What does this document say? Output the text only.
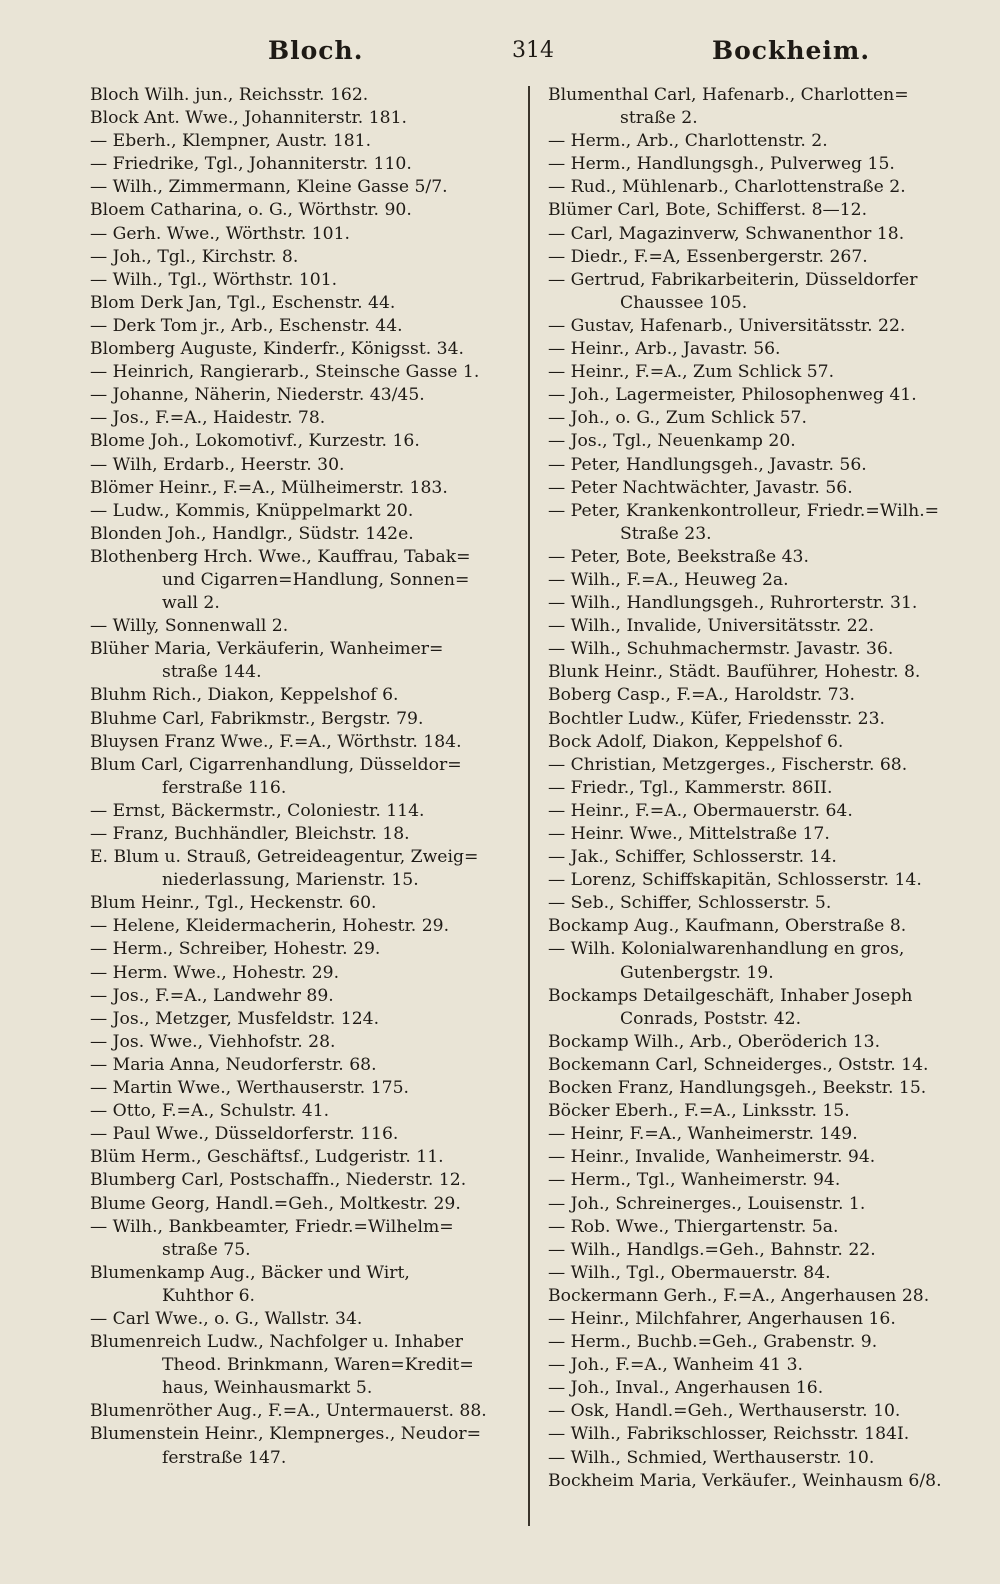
Bloch.	314	Bockheim.
Bloch Wilh. jun., Reichsstr. 162.
Block Ant. Wwe., Johanniterstr. 181.
— Eberh., Klempner, Austr. 181.
— Friedrike, Tgl., Johanniterstr. 110.
— Wilh., Zimmermann, Kleine Gasse 5/7.
Bloem Catharina, o. G., Wörthstr. 90.
— Gerh. Wwe., Wörthstr. 101.
— Joh., Tgl., Kirchstr. 8.
— Wilh., Tgl., Wörthstr. 101.
Blom Derk Jan, Tgl., Eschenstr. 44.
— Derk Tom jr., Arb., Eschenstr. 44.
Blomberg Auguste, Kinderfr., Königsst. 34.
— Heinrich, Rangierarb., Steinsche Gasse 1.
— Johanne, Näherin, Niederstr. 43/45.
— Jos., F.=A., Haidestr. 78.
Blome Joh., Lokomotivf., Kurzestr. 16.
— Wilh, Erdarb., Heerstr. 30.
Blömer Heinr., F.=A., Mülheimerstr. 183.
— Ludw., Kommis, Knüppelmarkt 20.
Blonden Joh., Handlgr., Südstr. 142e.
Blothenberg Hrch. Wwe., Kauffrau, Tabak=
und Cigarren=Handlung, Sonnen=
wall 2.
— Willy, Sonnenwall 2.
Blüher Maria, Verkäuferin, Wanheimer=
straße 144.
Bluhm Rich., Diakon, Keppelshof 6.
Bluhme Carl, Fabrikmstr., Bergstr. 79.
Bluysen Franz Wwe., F.=A., Wörthstr. 184.
Blum Carl, Cigarrenhandlung, Düsseldor=
ferstraße 116.
— Ernst, Bäckermstr., Coloniestr. 114.
— Franz, Buchhändler, Bleichstr. 18.
E. Blum u. Strauß, Getreideagentur, Zweig=
niederlassung, Marienstr. 15.
Blum Heinr., Tgl., Heckenstr. 60.
— Helene, Kleidermacherin, Hohestr. 29.
— Herm., Schreiber, Hohestr. 29.
— Herm. Wwe., Hohestr. 29.
— Jos., F.=A., Landwehr 89.
— Jos., Metzger, Musfeldstr. 124.
— Jos. Wwe., Viehhofstr. 28.
— Maria Anna, Neudorferstr. 68.
— Martin Wwe., Werthauserstr. 175.
— Otto, F.=A., Schulstr. 41.
— Paul Wwe., Düsseldorferstr. 116.
Blüm Herm., Geschäftsf., Ludgeristr. 11.
Blumberg Carl, Postschaffn., Niederstr. 12.
Blume Georg, Handl.=Geh., Moltkestr. 29.
— Wilh., Bankbeamter, Friedr.=Wilhelm=
straße 75.
Blumenkamp Aug., Bäcker und Wirt,
Kuhthor 6.
— Carl Wwe., o. G., Wallstr. 34.
Blumenreich Ludw., Nachfolger u. Inhaber
Theod. Brinkmann, Waren=Kredit=
haus, Weinhausmarkt 5.
Blumenröther Aug., F.=A., Untermauerst. 88.
Blumenstein Heinr., Klempnerges., Neudor=
ferstraße 147.
Blumenthal Carl, Hafenarb., Charlotten=
straße 2.
— Herm., Arb., Charlottenstr. 2.
— Herm., Handlungsgh., Pulverweg 15.
— Rud., Mühlenarb., Charlottenstraße 2.
Blümer Carl, Bote, Schifferst. 8—12.
— Carl, Magazinverw, Schwanenthor 18.
— Diedr., F.=A, Essenbergerstr. 267.
— Gertrud, Fabrikarbeiterin, Düsseldorfer
Chaussee 105.
— Gustav, Hafenarb., Universitätsstr. 22.
— Heinr., Arb., Javastr. 56.
— Heinr., F.=A., Zum Schlick 57.
— Joh., Lagermeister, Philosophenweg 41.
— Joh., o. G., Zum Schlick 57.
— Jos., Tgl., Neuenkamp 20.
— Peter, Handlungsgeh., Javastr. 56.
— Peter Nachtwächter, Javastr. 56.
— Peter, Krankenkontrolleur, Friedr.=Wilh.=
Straße 23.
— Peter, Bote, Beekstraße 43.
— Wilh., F.=A., Heuweg 2a.
— Wilh., Handlungsgeh., Ruhrorterstr. 31.
— Wilh., Invalide, Universitätsstr. 22.
— Wilh., Schuhmachermstr. Javastr. 36.
Blunk Heinr., Städt. Bauführer, Hohestr. 8.
Boberg Casp., F.=A., Haroldstr. 73.
Bochtler Ludw., Küfer, Friedensstr. 23.
Bock Adolf, Diakon, Keppelshof 6.
— Christian, Metzgerges., Fischerstr. 68.
— Friedr., Tgl., Kammerstr. 86II.
— Heinr., F.=A., Obermauerstr. 64.
— Heinr. Wwe., Mittelstraße 17.
— Jak., Schiffer, Schlosserstr. 14.
— Lorenz, Schiffskapitän, Schlosserstr. 14.
— Seb., Schiffer, Schlosserstr. 5.
Bockamp Aug., Kaufmann, Oberstraße 8.
— Wilh. Kolonialwarenhandlung en gros,
Gutenbergstr. 19.
Bockamps Detailgeschäft, Inhaber Joseph
Conrads, Poststr. 42.
Bockamp Wilh., Arb., Oberöderich 13.
Bockemann Carl, Schneiderges., Oststr. 14.
Bocken Franz, Handlungsgeh., Beekstr. 15.
Böcker Eberh., F.=A., Linksstr. 15.
— Heinr, F.=A., Wanheimerstr. 149.
— Heinr., Invalide, Wanheimerstr. 94.
— Herm., Tgl., Wanheimerstr. 94.
— Joh., Schreinerges., Louisenstr. 1.
— Rob. Wwe., Thiergartenstr. 5a.
— Wilh., Handlgs.=Geh., Bahnstr. 22.
— Wilh., Tgl., Obermauerstr. 84.
Bockermann Gerh., F.=A., Angerhausen 28.
— Heinr., Milchfahrer, Angerhausen 16.
— Herm., Buchb.=Geh., Grabenstr. 9.
— Joh., F.=A., Wanheim 41 3.
— Joh., Inval., Angerhausen 16.
— Osk, Handl.=Geh., Werthauserstr. 10.
— Wilh., Fabrikschlosser, Reichsstr. 184I.
— Wilh., Schmied, Werthauserstr. 10.
Bockheim Maria, Verkäufer., Weinhausm 6/8.
